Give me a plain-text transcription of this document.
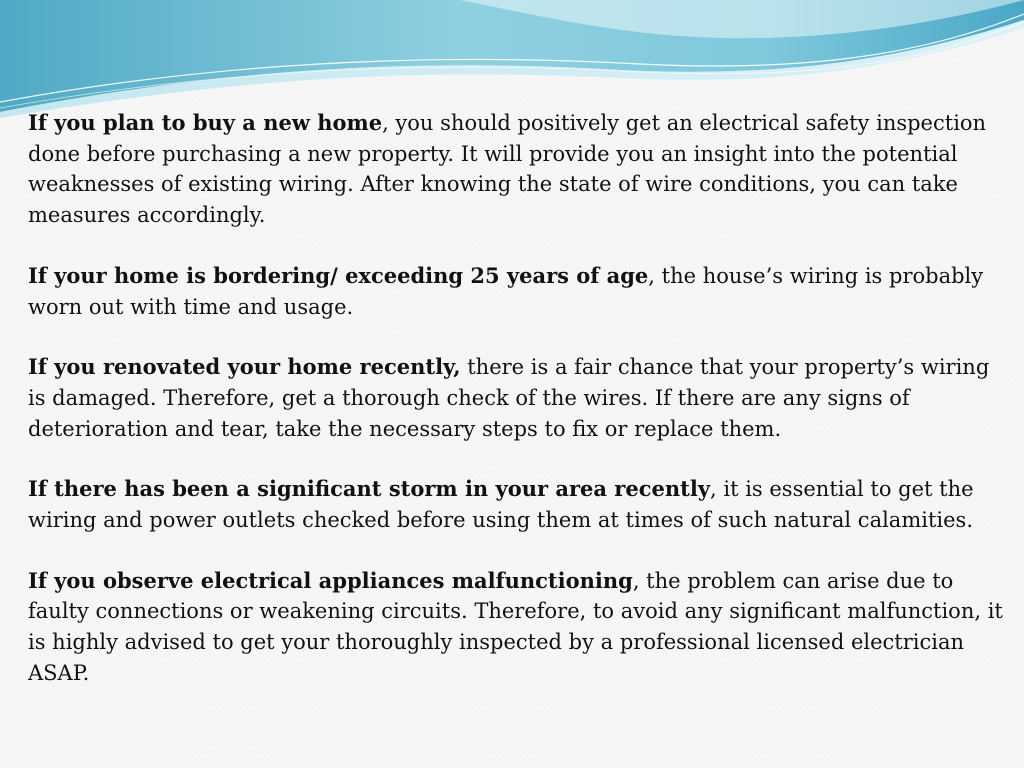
If you plan to buy a new home, you should positively get an electrical safety inspection done before purchasing a new property. It will provide you an insight into the potential weaknesses of existing wiring. After knowing the state of wire conditions, you can take measures accordingly.

If your home is bordering/ exceeding 25 years of age, the house’s wiring is probably worn out with time and usage.

If you renovated your home recently, there is a fair chance that your property’s wiring is damaged. Therefore, get a thorough check of the wires. If there are any signs of deterioration and tear, take the necessary steps to fix or replace them.

If there has been a significant storm in your area recently, it is essential to get the wiring and power outlets checked before using them at times of such natural calamities.

If you observe electrical appliances malfunctioning, the problem can arise due to faulty connections or weakening circuits. Therefore, to avoid any significant malfunction, it is highly advised to get your thoroughly inspected by a professional licensed electrician ASAP.
